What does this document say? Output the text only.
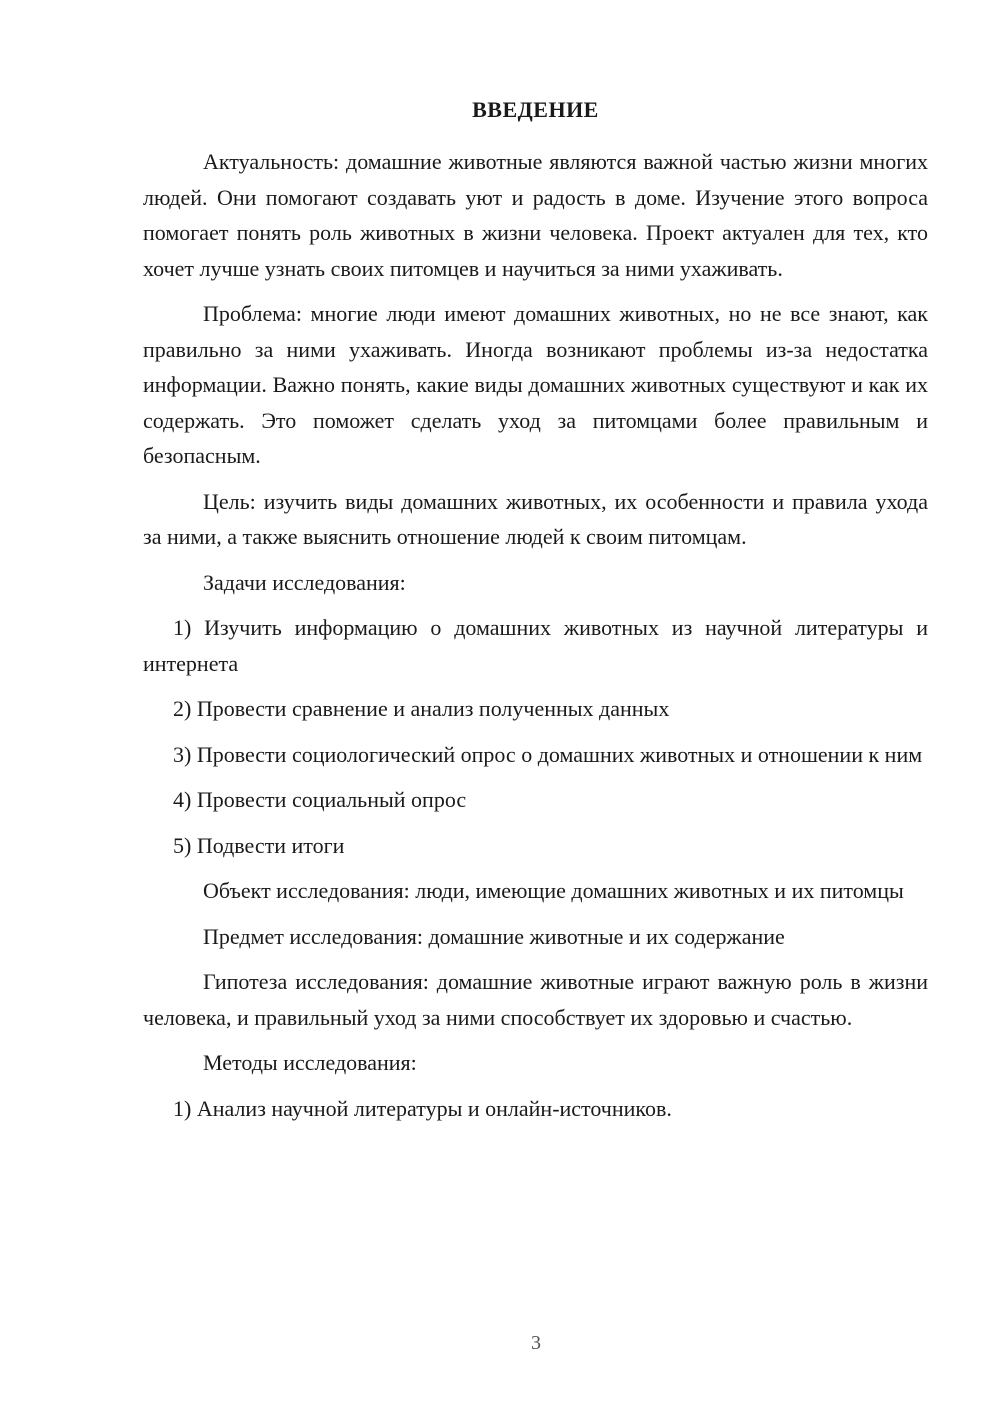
ВВЕДЕНИЕ

Актуальность: домашние животные являются важной частью жизни многих людей. Они помогают создавать уют и радость в доме. Изучение этого вопроса помогает понять роль животных в жизни человека. Проект актуален для тех, кто хочет лучше узнать своих питомцев и научиться за ними ухаживать.

Проблема: многие люди имеют домашних животных, но не все знают, как правильно за ними ухаживать. Иногда возникают проблемы из-за недостатка информации. Важно понять, какие виды домашних животных существуют и как их содержать. Это поможет сделать уход за питомцами более правильным и безопасным.

Цель: изучить виды домашних животных, их особенности и правила ухода за ними, а также выяснить отношение людей к своим питомцам.

Задачи исследования:

1) Изучить информацию о домашних животных из научной литературы и интернета

2) Провести сравнение и анализ полученных данных

3) Провести социологический опрос о домашних животных и отношении к ним

4) Провести социальный опрос

5) Подвести итоги

Объект исследования: люди, имеющие домашних животных и их питомцы

Предмет исследования: домашние животные и их содержание

Гипотеза исследования: домашние животные играют важную роль в жизни человека, и правильный уход за ними способствует их здоровью и счастью.

Методы исследования:

1) Анализ научной литературы и онлайн-источников.

3
